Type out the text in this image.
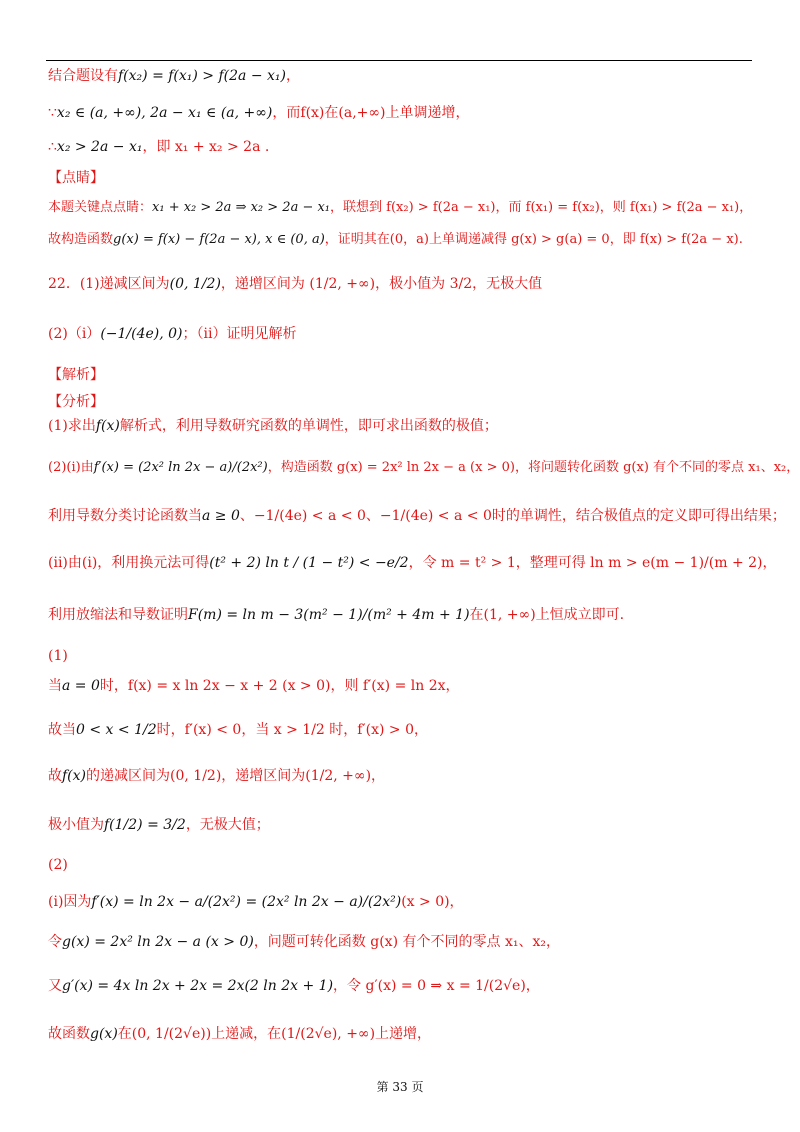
结合题设有f(x₂) = f(x₁) > f(2a − x₁)，
∵x₂ ∈ (a, +∞), 2a − x₁ ∈ (a, +∞)，而f(x)在(a,+∞)上单调递增，
∴x₂ > 2a − x₁，即 x₁ + x₂ > 2a .
【点睛】
本题关键点点睛：x₁ + x₂ > 2a ⇒ x₂ > 2a − x₁，联想到 f(x₂) > f(2a − x₁)，而 f(x₁) = f(x₂)，则 f(x₁) > f(2a − x₁)，
故构造函数g(x) = f(x) − f(2a − x), x ∈ (0, a)，证明其在(0，a)上单调递减得 g(x) > g(a) = 0，即 f(x) > f(2a − x).
22．(1)递减区间为(0, 1/2)，递增区间为 (1/2, +∞)，极小值为 3/2，无极大值
(2)（i）(−1/(4e), 0)；（ii）证明见解析
【解析】
【分析】
(1)求出f(x)解析式，利用导数研究函数的单调性，即可求出函数的极值；
(2)(i)由f′(x) = (2x² ln 2x − a)/(2x²)，构造函数 g(x) = 2x² ln 2x − a (x > 0)，将问题转化函数 g(x) 有个不同的零点 x₁、x₂，
利用导数分类讨论函数当a ≥ 0、−1/(4e) < a < 0、−1/(4e) < a < 0时的单调性，结合极值点的定义即可得出结果；
(ii)由(i)，利用换元法可得(t² + 2) ln t / (1 − t²) < −e/2，令 m = t² > 1，整理可得 ln m > e(m − 1)/(m + 2)，
利用放缩法和导数证明F(m) = ln m − 3(m² − 1)/(m² + 4m + 1)在(1, +∞)上恒成立即可.
(1)
当a = 0时，f(x) = x ln 2x − x + 2 (x > 0)，则 f′(x) = ln 2x，
故当0 < x < 1/2时，f′(x) < 0，当 x > 1/2 时，f′(x) > 0，
故f(x)的递减区间为(0, 1/2)，递增区间为(1/2, +∞)，
极小值为f(1/2) = 3/2，无极大值；
(2)
(i)因为f′(x) = ln 2x − a/(2x²) = (2x² ln 2x − a)/(2x²)(x > 0)，
令g(x) = 2x² ln 2x − a (x > 0)，问题可转化函数 g(x) 有个不同的零点 x₁、x₂，
又g′(x) = 4x ln 2x + 2x = 2x(2 ln 2x + 1)，令 g′(x) = 0 ⇒ x = 1/(2√e)，
故函数g(x)在(0, 1/(2√e))上递减，在(1/(2√e), +∞)上递增，
第 33 页
